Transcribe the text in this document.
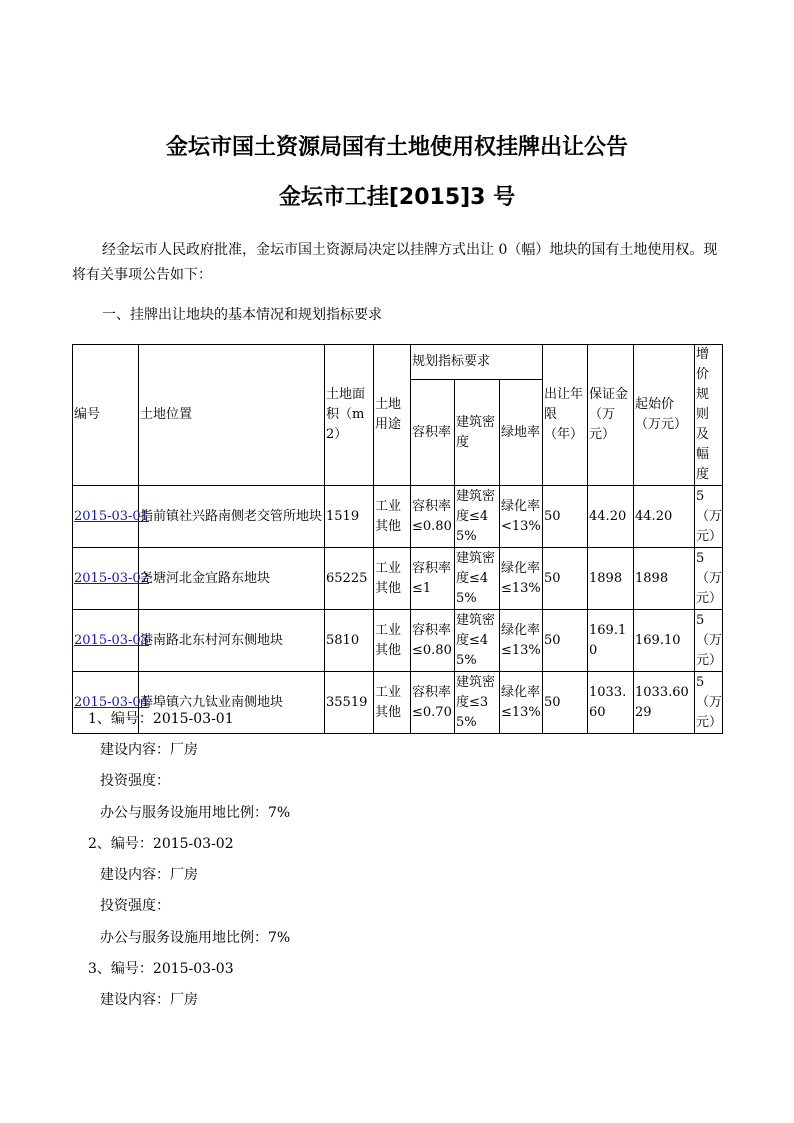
金坛市国土资源局国有土地使用权挂牌出让公告
金坛市工挂[2015]3 号

经金坛市人民政府批准，金坛市国土资源局决定以挂牌方式出让 0（幅）地块的国有土地使用权。现将有关事项公告如下：

一、挂牌出让地块的基本情况和规划指标要求

编号	土地位置	土地面积（m2）	土地用途	规划指标要求			出让年限（年）	保证金（万元）	起始价（万元）	增价规则及幅度
				容积率	建筑密度	绿地率				
2015-03-01	指前镇社兴路南侧老交管所地块	1519	工业其他	容积率≤0.80	建筑密度≤45%	绿化率<13%	50	44.20	44.20	5（万元）
2015-03-02	尧塘河北金宜路东地块	65225	工业其他	容积率≤1	建筑密度≤45%	绿化率≤13%	50	1898	1898	5（万元）
2015-03-03	港南路北东村河东侧地块	5810	工业其他	容积率≤0.80	建筑密度≤45%	绿化率≤13%	50	169.10	169.10	5（万元）
2015-03-04	薛埠镇六九钛业南侧地块	35519	工业其他	容积率≤0.70	建筑密度≤35%	绿化率≤13%	50	1033.60	1033.6029	5（万元）

1、编号：2015-03-01

建设内容：厂房

投资强度：

办公与服务设施用地比例：7%

2、编号：2015-03-02

建设内容：厂房

投资强度：

办公与服务设施用地比例：7%

3、编号：2015-03-03

建设内容：厂房
